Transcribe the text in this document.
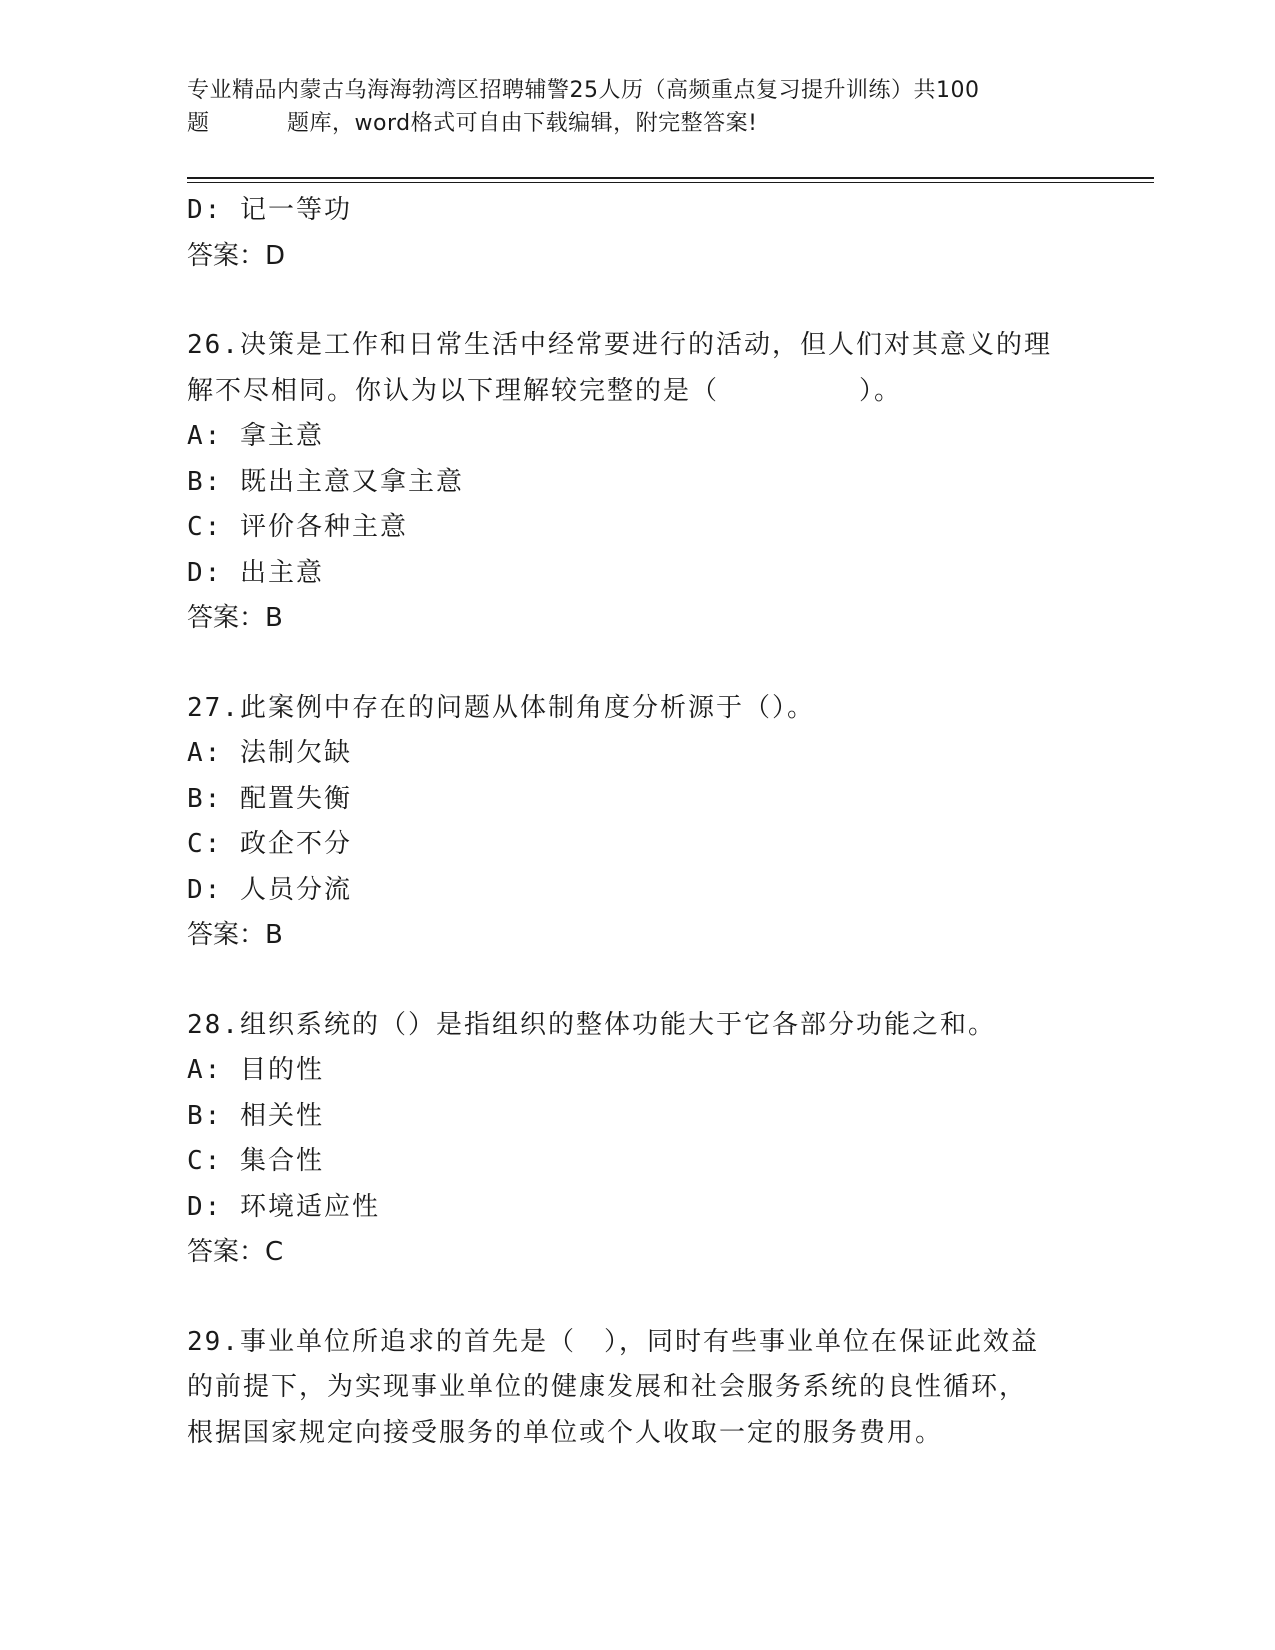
专业精品内蒙古乌海海勃湾区招聘辅警25人历（高频重点复习提升训练）共100
题	题库，word格式可自由下载编辑，附完整答案!
D: 记一等功
答案：D
26.决策是工作和日常生活中经常要进行的活动，但人们对其意义的理
解不尽相同。你认为以下理解较完整的是（　　　　　）。
A: 拿主意
B: 既出主意又拿主意
C: 评价各种主意
D: 出主意
答案：B
27.此案例中存在的问题从体制角度分析源于（）。
A: 法制欠缺
B: 配置失衡
C: 政企不分
D: 人员分流
答案：B
28.组织系统的（）是指组织的整体功能大于它各部分功能之和。
A: 目的性
B: 相关性
C: 集合性
D: 环境适应性
答案：C
29.事业单位所追求的首先是（　），同时有些事业单位在保证此效益
的前提下，为实现事业单位的健康发展和社会服务系统的良性循环，
根据国家规定向接受服务的单位或个人收取一定的服务费用。
